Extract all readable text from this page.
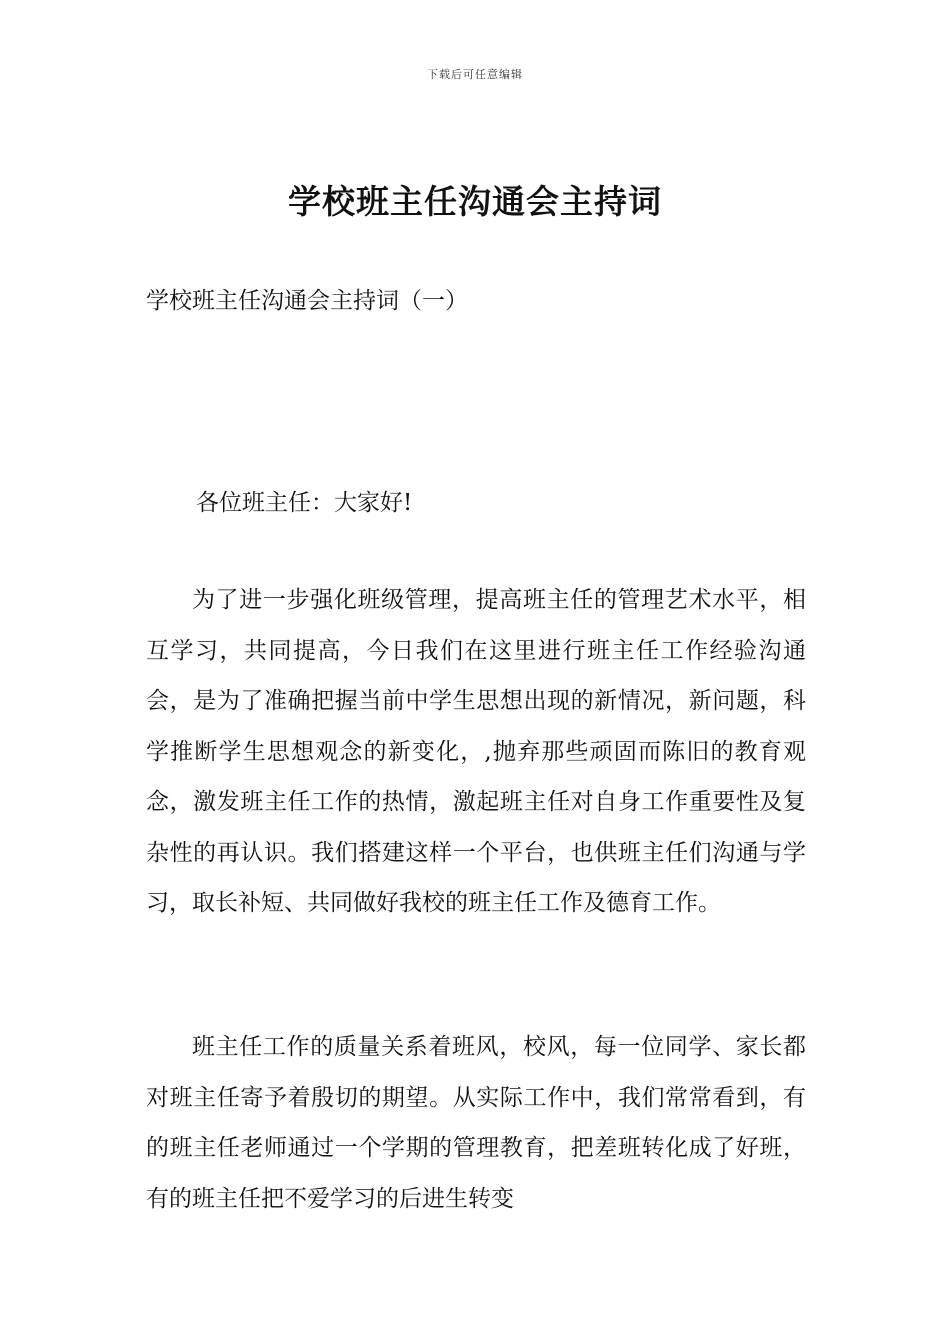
下载后可任意编辑
学校班主任沟通会主持词
学校班主任沟通会主持词（一）

各位班主任：大家好!

为了进一步强化班级管理，提高班主任的管理艺术水平，相互学习，共同提高，今日我们在这里进行班主任工作经验沟通会，是为了准确把握当前中学生思想出现的新情况，新问题，科学推断学生思想观念的新变化，,抛弃那些顽固而陈旧的教育观念，激发班主任工作的热情，激起班主任对自身工作重要性及复杂性的再认识。我们搭建这样一个平台，也供班主任们沟通与学习，取长补短、共同做好我校的班主任工作及德育工作。

班主任工作的质量关系着班风，校风，每一位同学、家长都对班主任寄予着殷切的期望。从实际工作中，我们常常看到，有的班主任老师通过一个学期的管理教育，把差班转化成了好班，有的班主任把不爱学习的后进生转变
